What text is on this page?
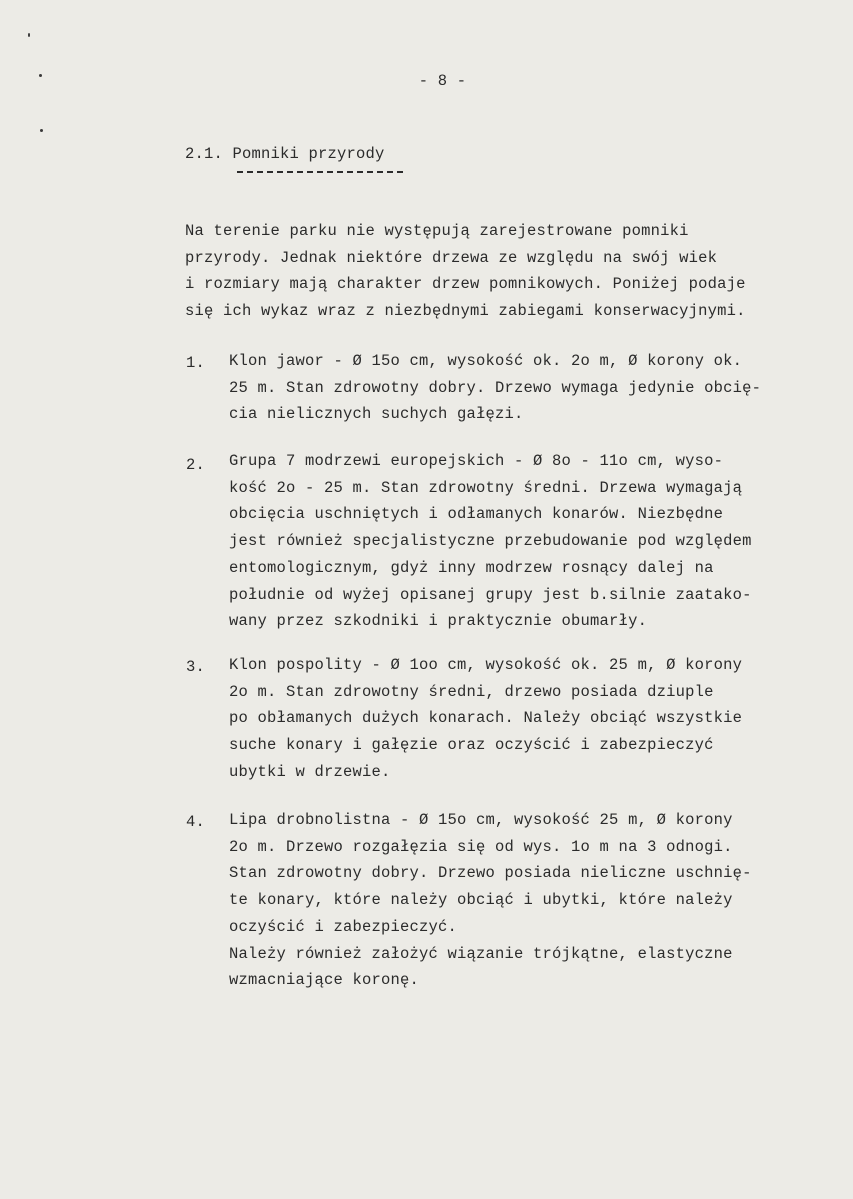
- 8 -
2.1. Pomniki przyrody
Na terenie parku nie występują zarejestrowane pomniki
przyrody. Jednak niektóre drzewa ze względu na swój wiek
i rozmiary mają charakter drzew pomnikowych. Poniżej podaje
się ich wykaz wraz z niezbędnymi zabiegami konserwacyjnymi.
1. Klon jawor - Ø 15o cm, wysokość ok. 2o m, Ø korony ok.
25 m. Stan zdrowotny dobry. Drzewo wymaga jedynie obcię-
cia nielicznych suchych gałęzi.
2. Grupa 7 modrzewi europejskich - Ø 8o - 11o cm, wyso-
kość 2o - 25 m. Stan zdrowotny średni. Drzewa wymagają
obcięcia uschniętych i odłamanych konarów. Niezbędne
jest również specjalistyczne przebudowanie pod względem
entomologicznym, gdyż inny modrzew rosnący dalej na
południe od wyżej opisanej grupy jest b.silnie zaatako-
wany przez szkodniki i praktycznie obumarły.
3. Klon pospolity - Ø 1oo cm, wysokość ok. 25 m, Ø korony
2o m. Stan zdrowotny średni, drzewo posiada dziuple
po obłamanych dużych konarach. Należy obciąć wszystkie
suche konary i gałęzie oraz oczyścić i zabezpieczyć
ubytki w drzewie.
4. Lipa drobnolistna - Ø 15o cm, wysokość 25 m, Ø korony
2o m. Drzewo rozgałęzia się od wys. 1o m na 3 odnogi.
Stan zdrowotny dobry. Drzewo posiada nieliczne uschnię-
te konary, które należy obciąć i ubytki, które należy
oczyścić i zabezpieczyć.
Należy również założyć wiązanie trójkątne, elastyczne
wzmacniające koronę.
